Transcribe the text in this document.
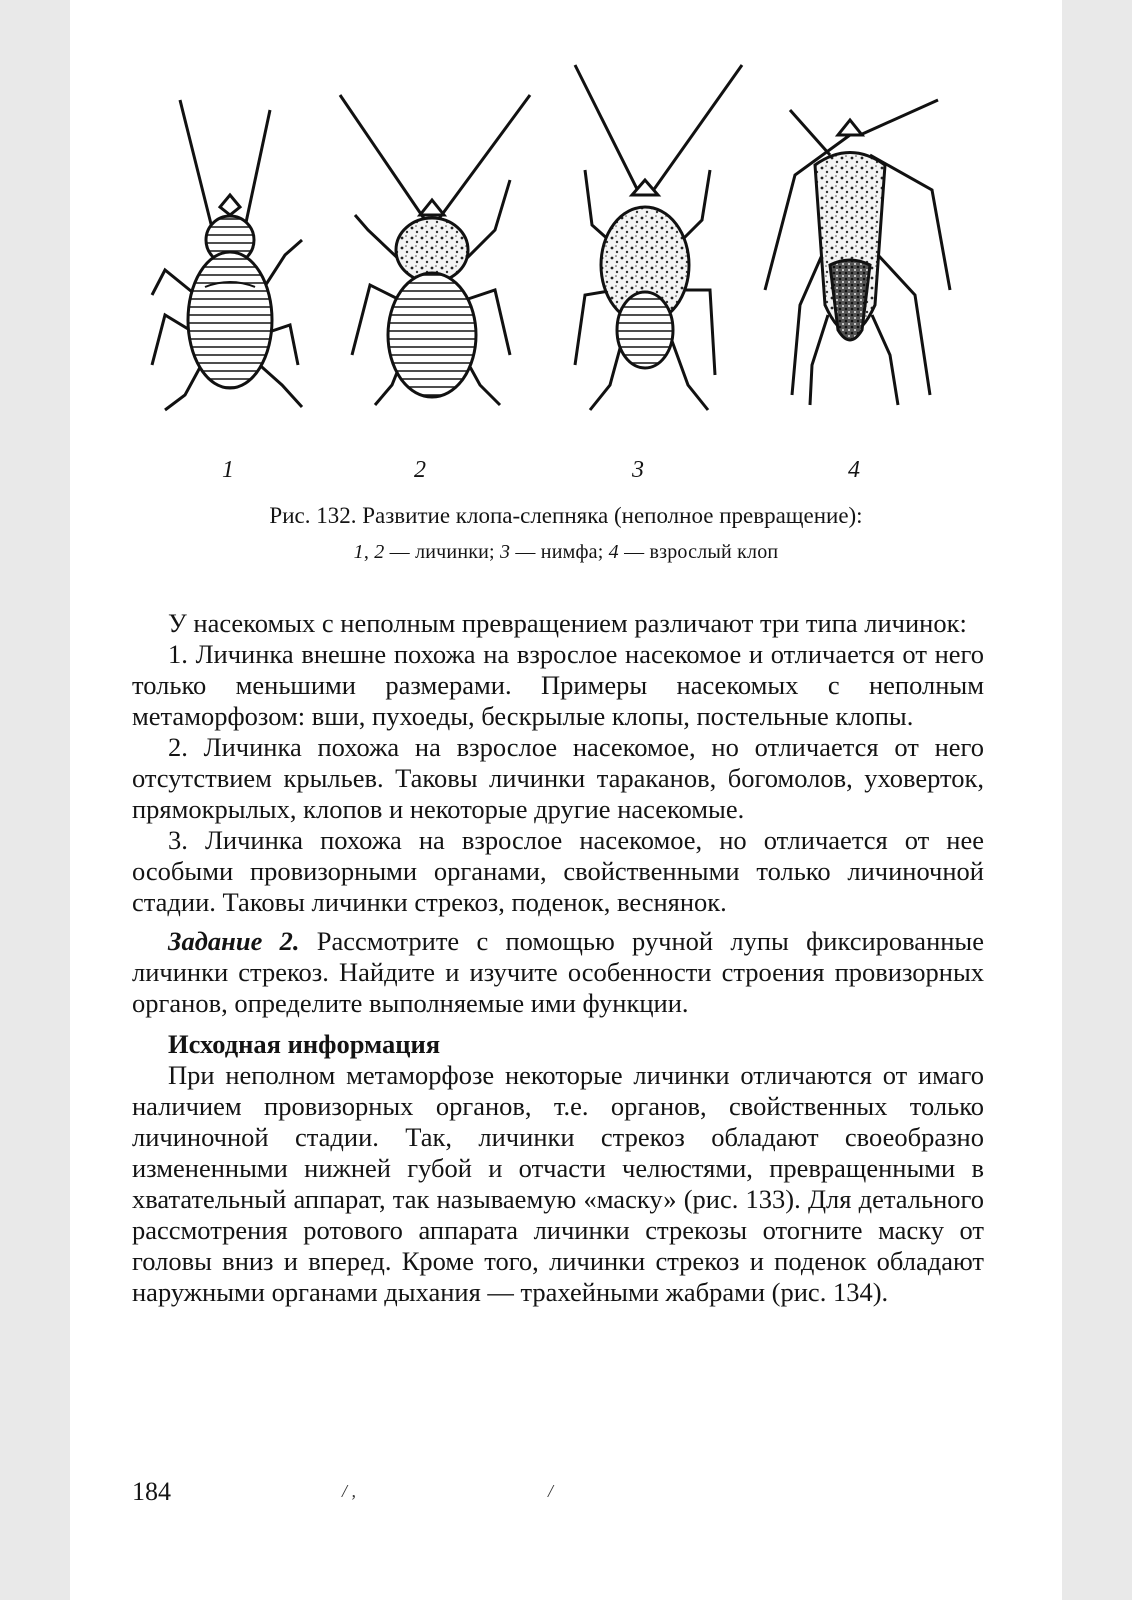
1	2	3	4
Рис. 132. Развитие клопа-слепняка (неполное превращение):
1, 2 — личинки; 3 — нимфа; 4 — взрослый клоп

У насекомых с неполным превращением различают три типа личинок:

1. Личинка внешне похожа на взрослое насекомое и отличается от него только меньшими размерами. Примеры насекомых с неполным метаморфозом: вши, пухоеды, бескрылые клопы, постельные клопы.

2. Личинка похожа на взрослое насекомое, но отличается от него отсутствием крыльев. Таковы личинки тараканов, богомолов, уховерток, прямокрылых, клопов и некоторые другие насекомые.

3. Личинка похожа на взрослое насекомое, но отличается от нее особыми провизорными органами, свойственными только личиночной стадии. Таковы личинки стрекоз, поденок, веснянок.

Задание 2. Рассмотрите с помощью ручной лупы фиксированные личинки стрекоз. Найдите и изучите особенности строения провизорных органов, определите выполняемые ими функции.

Исходная информация

При неполном метаморфозе некоторые личинки отличаются от имаго наличием провизорных органов, т.е. органов, свойственных только личиночной стадии. Так, личинки стрекоз обладают своеобразно измененными нижней губой и отчасти челюстями, превращенными в хватательный аппарат, так называемую «маску» (рис. 133). Для детального рассмотрения ротового аппарата личинки стрекозы отогните маску от головы вниз и вперед. Кроме того, личинки стрекоз и поденок обладают наружными органами дыхания — трахейными жабрами (рис. 134).

184	/ ,	/
